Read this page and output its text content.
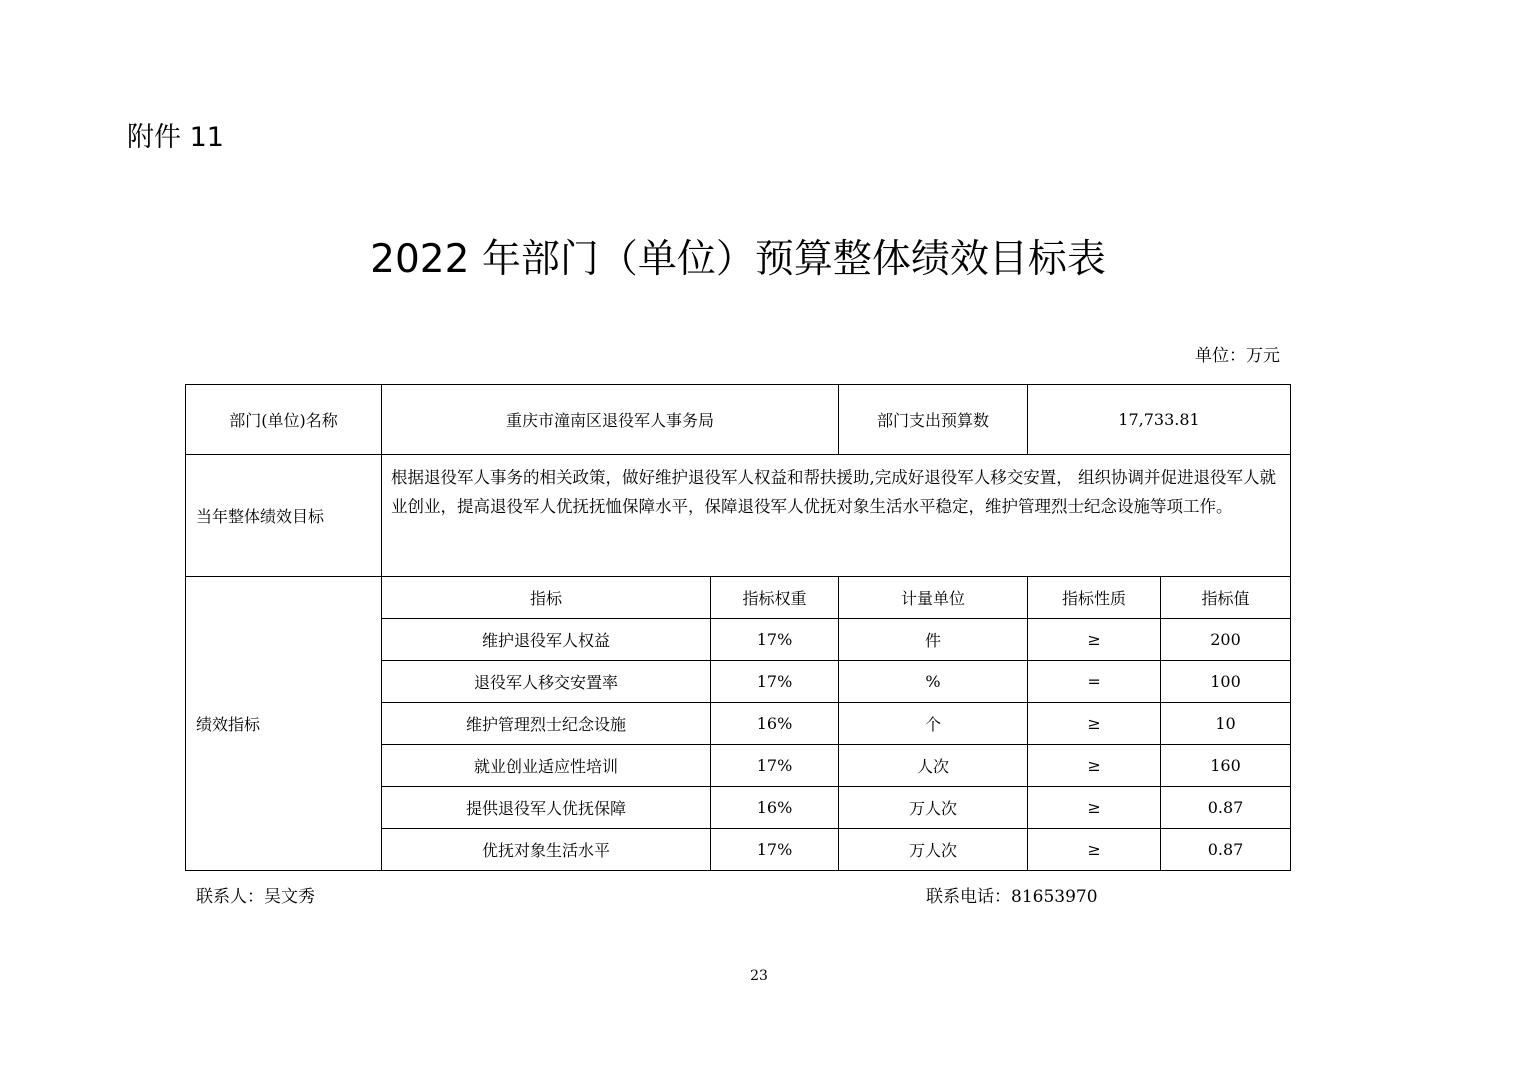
附件 11
2022 年部门（单位）预算整体绩效目标表
单位：万元
部门(单位)名称	重庆市潼南区退役军人事务局		部门支出预算数	17,733.81	
当年整体绩效目标	根据退役军人事务的相关政策，做好维护退役军人权益和帮扶援助,完成好退役军人移交安置， 组织协调并促进退役军人就业创业，提高退役军人优抚抚恤保障水平，保障退役军人优抚对象生活水平稳定，维护管理烈士纪念设施等项工作。				

绩效指标	指标	指标权重	计量单位	指标性质	指标值
	维护退役军人权益	17%	件	≥	200
	退役军人移交安置率	17%	%	=	100
	维护管理烈士纪念设施	16%	个	≥	10
	就业创业适应性培训	17%	人次	≥	160
	提供退役军人优抚保障	16%	万人次	≥	0.87
	优抚对象生活水平	17%	万人次	≥	0.87
联系人：吴文秀	联系电话：81653970
23
